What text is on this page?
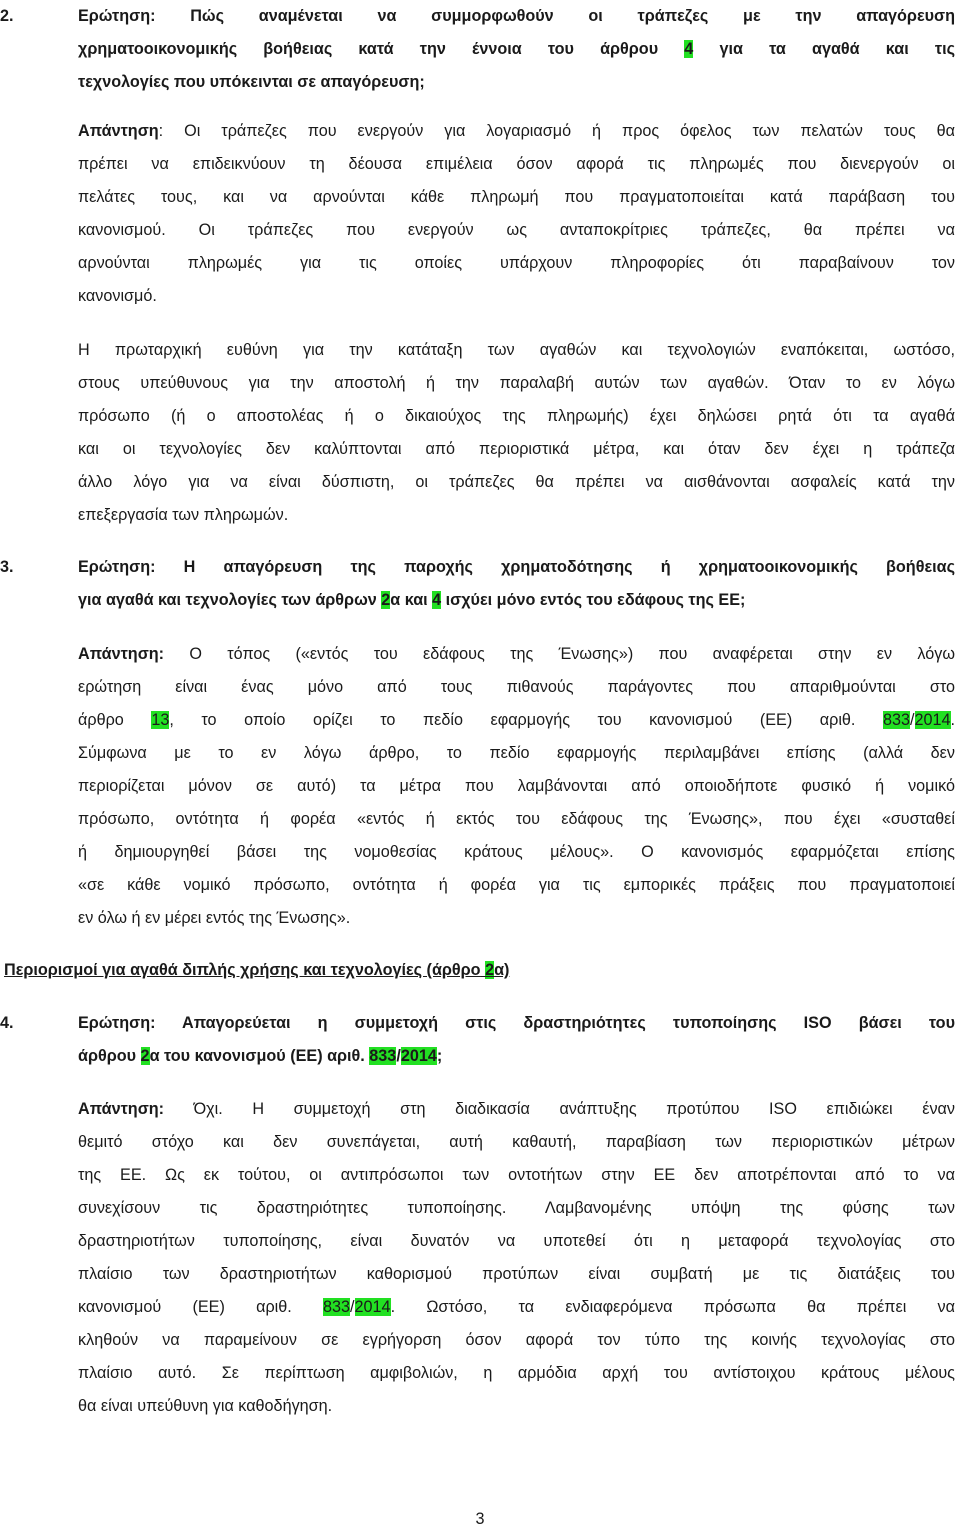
2.	Ερώτηση: Πώς αναμένεται να συμμορφωθούν οι τράπεζες με την απαγόρευση
χρηματοοικονομικής βοήθειας κατά την έννοια του άρθρου 4 για τα αγαθά και τις
τεχνολογίες που υπόκεινται σε απαγόρευση;
Απάντηση: Οι τράπεζες που ενεργούν για λογαριασμό ή προς όφελος των πελατών τους θα
πρέπει να επιδεικνύουν τη δέουσα επιμέλεια όσον αφορά τις πληρωμές που διενεργούν οι
πελάτες τους, και να αρνούνται κάθε πληρωμή που πραγματοποιείται κατά παράβαση του
κανονισμού. Οι τράπεζες που ενεργούν ως ανταποκρίτριες τράπεζες, θα πρέπει να
αρνούνται πληρωμές για τις οποίες υπάρχουν πληροφορίες ότι παραβαίνουν τον
κανονισμό.
Η πρωταρχική ευθύνη για την κατάταξη των αγαθών και τεχνολογιών εναπόκειται, ωστόσο,
στους υπεύθυνους για την αποστολή ή την παραλαβή αυτών των αγαθών. Όταν το εν λόγω
πρόσωπο (ή ο αποστολέας ή ο δικαιούχος της πληρωμής) έχει δηλώσει ρητά ότι τα αγαθά
και οι τεχνολογίες δεν καλύπτονται από περιοριστικά μέτρα, και όταν δεν έχει η τράπεζα
άλλο λόγο για να είναι δύσπιστη, οι τράπεζες θα πρέπει να αισθάνονται ασφαλείς κατά την
επεξεργασία των πληρωμών.
3.	Ερώτηση: Η απαγόρευση της παροχής χρηματοδότησης ή χρηματοοικονομικής βοήθειας
για αγαθά και τεχνολογίες των άρθρων 2α και 4 ισχύει μόνο εντός του εδάφους της ΕΕ;
Απάντηση: Ο τόπος («εντός του εδάφους της Ένωσης») που αναφέρεται στην εν λόγω
ερώτηση είναι ένας μόνο από τους πιθανούς παράγοντες που απαριθμούνται στο
άρθρο 13, το οποίο ορίζει το πεδίο εφαρμογής του κανονισμού (ΕΕ) αριθ. 833/2014.
Σύμφωνα με το εν λόγω άρθρο, το πεδίο εφαρμογής περιλαμβάνει επίσης (αλλά δεν
περιορίζεται μόνον σε αυτό) τα μέτρα που λαμβάνονται από οποιοδήποτε φυσικό ή νομικό
πρόσωπο, οντότητα ή φορέα «εντός ή εκτός του εδάφους της Ένωσης», που έχει «συσταθεί
ή δημιουργηθεί βάσει της νομοθεσίας κράτους μέλους». Ο κανονισμός εφαρμόζεται επίσης
«σε κάθε νομικό πρόσωπο, οντότητα ή φορέα για τις εμπορικές πράξεις που πραγματοποιεί
εν όλω ή εν μέρει εντός της Ένωσης».
Περιορισμοί για αγαθά διπλής χρήσης και τεχνολογίες (άρθρο 2α)
4.	Ερώτηση: Απαγορεύεται η συμμετοχή στις δραστηριότητες τυποποίησης ISO βάσει του
άρθρου 2α του κανονισμού (ΕΕ) αριθ. 833/2014;
Απάντηση: Όχι. Η συμμετοχή στη διαδικασία ανάπτυξης προτύπου ISO επιδιώκει έναν
θεμιτό στόχο και δεν συνεπάγεται, αυτή καθαυτή, παραβίαση των περιοριστικών μέτρων
της ΕΕ. Ως εκ τούτου, οι αντιπρόσωποι των οντοτήτων στην ΕΕ δεν αποτρέπονται από το να
συνεχίσουν τις δραστηριότητες τυποποίησης. Λαμβανομένης υπόψη της φύσης των
δραστηριοτήτων τυποποίησης, είναι δυνατόν να υποτεθεί ότι η μεταφορά τεχνολογίας στο
πλαίσιο των δραστηριοτήτων καθορισμού προτύπων είναι συμβατή με τις διατάξεις του
κανονισμού (ΕΕ) αριθ. 833/2014. Ωστόσο, τα ενδιαφερόμενα πρόσωπα θα πρέπει να
κληθούν να παραμείνουν σε εγρήγορση όσον αφορά τον τύπο της κοινής τεχνολογίας στο
πλαίσιο αυτό. Σε περίπτωση αμφιβολιών, η αρμόδια αρχή του αντίστοιχου κράτους μέλους
θα είναι υπεύθυνη για καθοδήγηση.
3
